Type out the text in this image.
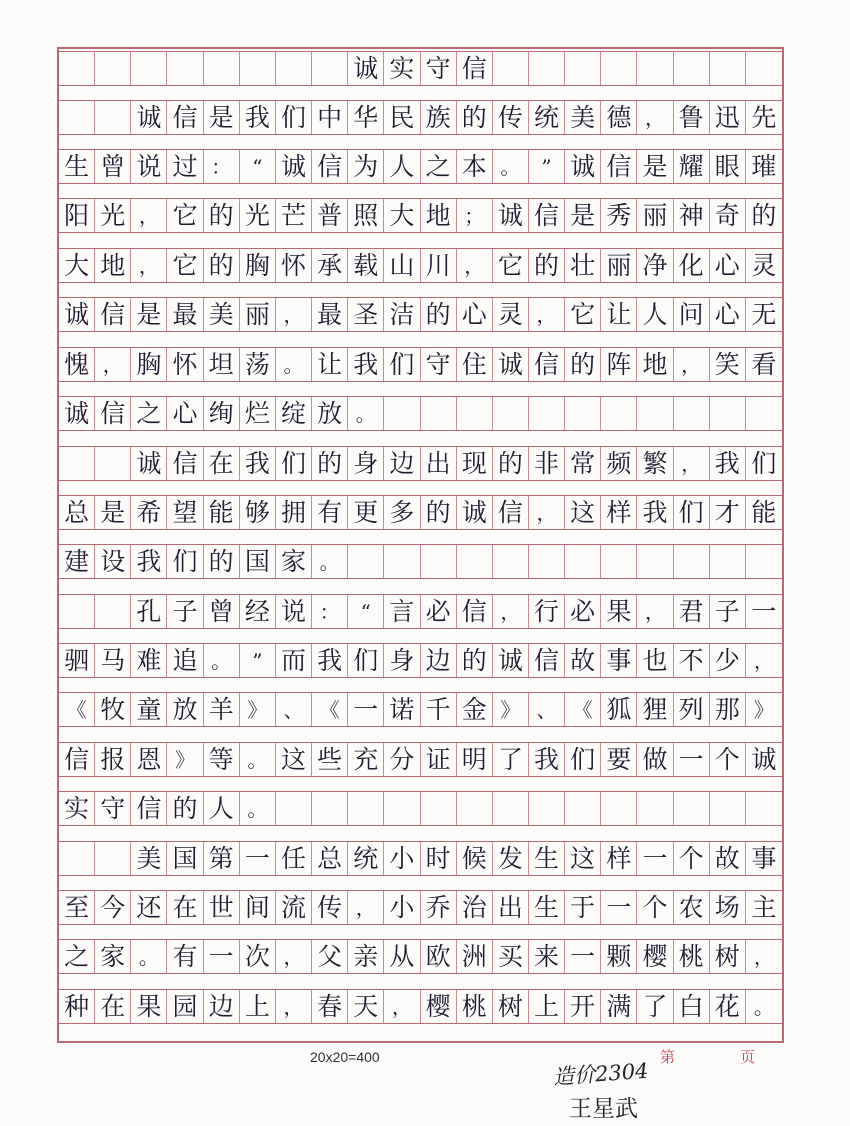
诚 实 守 信
诚 信 是 我 们 中 华 民 族 的 传 统 美 德 ， 鲁 迅 先
生 曾 说 过 ：	“ 诚 信 为 人 之 本 。	” 诚 信 是 耀 眼 璀
阳 光 ， 它 的 光 芒 普 照 大 地 ； 诚 信 是 秀 丽 神 奇 的
大 地 ， 它 的 胸 怀 承 载 山 川 ， 它 的 壮 丽 净 化 心 灵
诚 信 是 最 美 丽 ， 最 圣 洁 的 心 灵 ， 它 让 人 问 心 无
愧 ， 胸 怀 坦 荡 。 让 我 们 守 住 诚 信 的 阵 地 ， 笑 看
诚 信 之 心 绚 烂 绽 放 。
诚 信 在 我 们 的 身 边 出 现 的 非 常 频 繁 ， 我 们
总 是 希 望 能 够 拥 有 更 多 的 诚 信 ， 这 样 我 们 才 能
建 设 我 们 的 国 家 。
孔 子 曾 经 说 ：	“ 言 必 信 ， 行 必 果 ， 君 子 一
驷 马 难 追 。	” 而 我 们 身 边 的 诚 信 故 事 也 不 少 ，
《 牧 童 放 羊 》 、 《 一 诺 千 金 》 、 《 狐 狸 列 那 》
信 报 恩 》 等 。 这 些 充 分 证 明 了 我 们 要 做 一 个 诚
实 守 信 的 人 。
美 国 第 一 任 总 统 小 时 候 发 生 这 样 一 个 故 事
至 今 还 在 世 间 流 传 ， 小 乔 治 出 生 于 一 个 农 场 主
之 家 。 有 一 次 ， 父 亲 从 欧 洲 买 来 一 颗 樱 桃 树 ，
种 在 果 园 边 上 ， 春 天 ， 樱 桃 树 上 开 满 了 白 花 。
20x20=400	第	页
造价2304
王星武
